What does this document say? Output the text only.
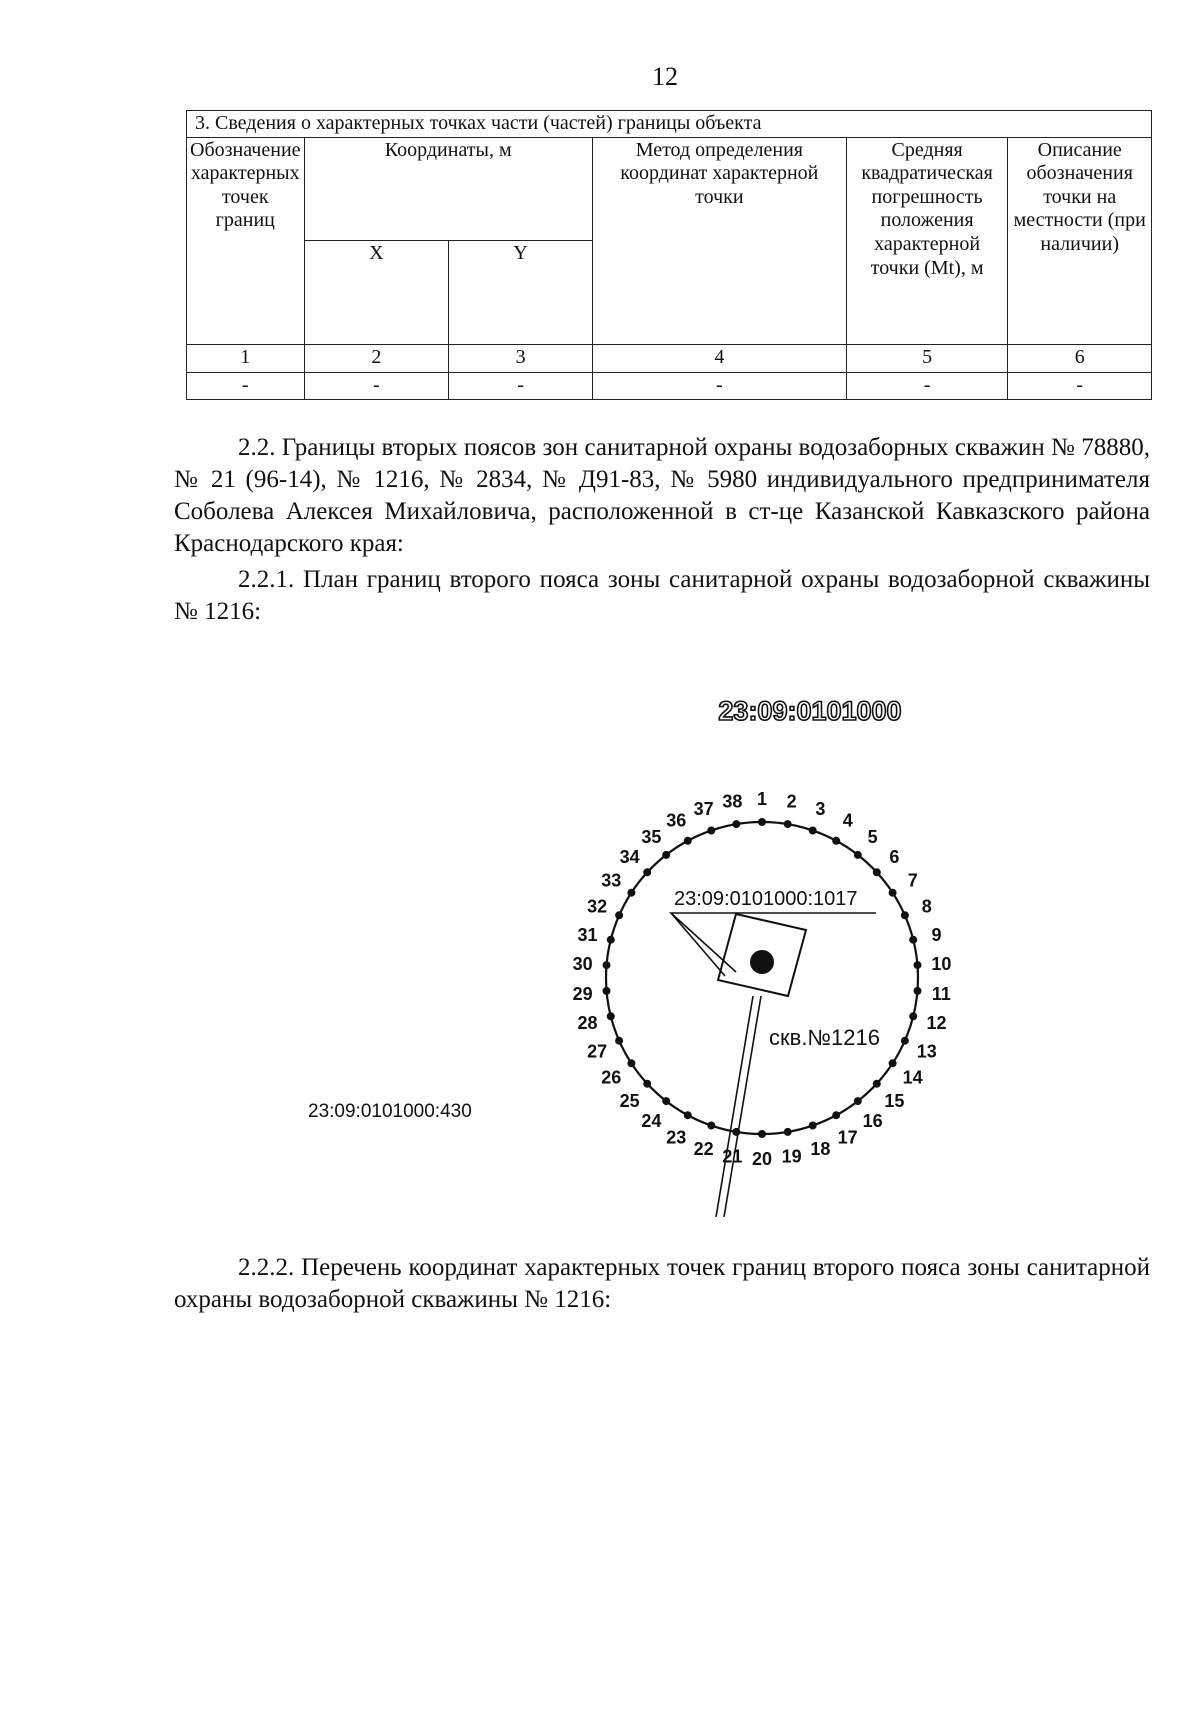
12
3. Сведения о характерных точках части (частей) границы объекта					
Обозначение характерных точек границ	Координаты, м		Метод определения координат характерной точки	Средняя квадратическая погрешность положения характерной точки (Mt), м	Описание обозначения точки на местности (при наличии)
	X	Y			
1	2	3	4	5	6
-	-	-	-	-	-

2.2. Границы вторых поясов зон санитарной охраны водозаборных скважин № 78880, № 21 (96-14), № 1216, № 2834, № Д91-83, № 5980 индивидуального предпринимателя Соболева Алексея Михайловича, расположенной в ст-це Казанской Кавказского района Краснодарского края:

2.2.1. План границ второго пояса зоны санитарной охраны водозаборной скважины № 1216:

23:09:0101000
23:09:0101000:1017
скв.№1216
23:09:0101000:430
1 2 3
4
5
6
7
8
9
10
11
12
13
14
15
16
17
18
19
20
21
22
23
24
25
26
27
28
29
30
31
32
33
34
35
36
37 38

2.2.2. Перечень координат характерных точек границ второго пояса зоны санитарной охраны водозаборной скважины № 1216:
